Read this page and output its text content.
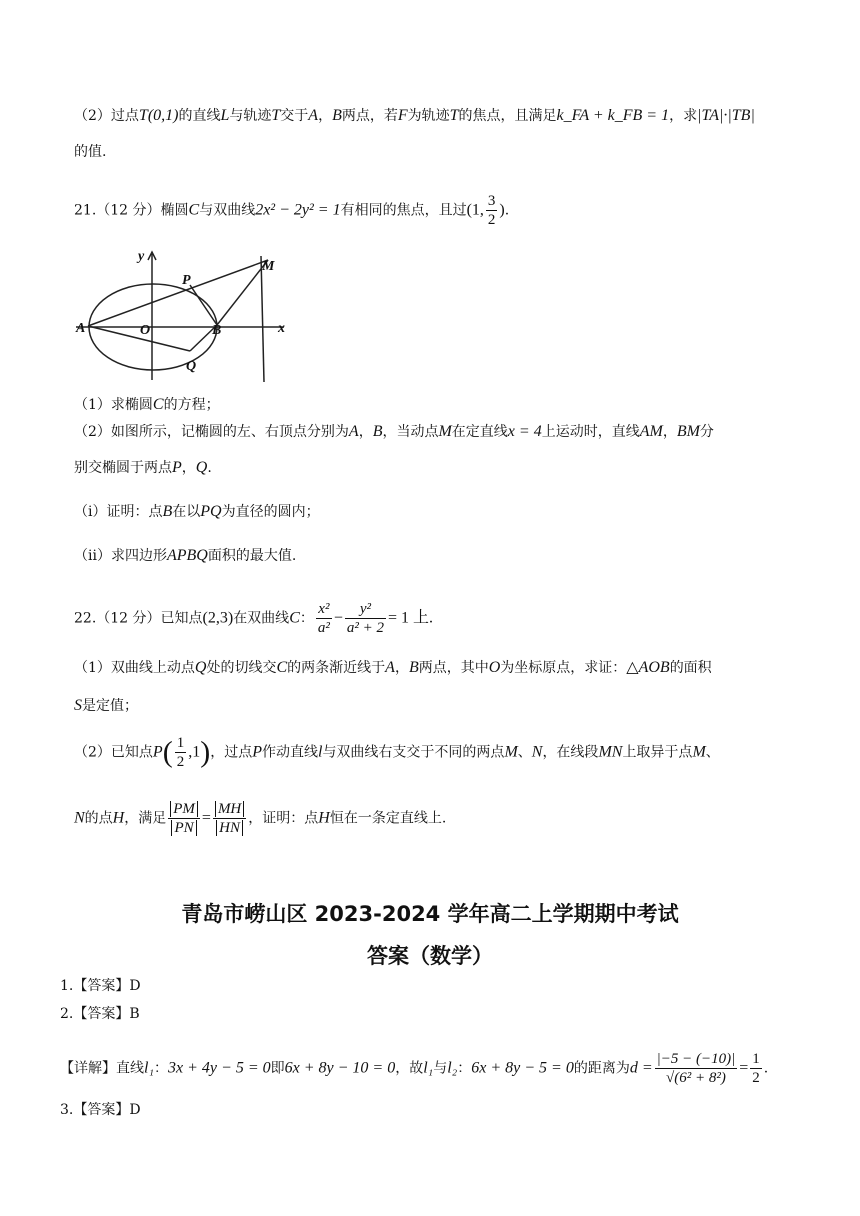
（2）过点T(0,1)的直线L与轨迹T交于A，B两点，若F为轨迹T的焦点，且满足k_FA + k_FB = 1，求|TA|·|TB|
的值.
21.（12 分）椭圆C与双曲线2x² − 2y² = 1有相同的焦点，且过(1, $\frac{3}{2}$ ).
y
x
A	O	B
P
Q
M
（1）求椭圆C的方程；
（2）如图所示，记椭圆的左、右顶点分别为A，B，当动点M在定直线x = 4上运动时，直线AM，BM分
别交椭圆于两点P，Q.
（i）证明：点B在以PQ为直径的圆内；
（ii）求四边形APBQ面积的最大值.
22.（12 分）已知点(2,3)在双曲线C： $\frac{\text{x²}}{\text{a²}} - \frac{\text{y²}}{\text{a² + 2}} = 1$ 上.
（1）双曲线上动点Q处的切线交C的两条渐近线于A，B两点，其中O为坐标原点，求证：△AOB的面积
S是定值；
（2）已知点$P( \frac{1}{2} ,1)$，过点P作动直线l与双曲线右支交于不同的两点M、N，在线段MN上取异于点M、
N的点H，满足 $\frac{PM}{PN} = \frac{MH}{HN}$ ，证明：点H恒在一条定直线上.
青岛市崂山区 2023-2024 学年高二上学期期中考试
答案（数学）
1.【答案】D
2.【答案】B
【详解】直线l₁：3x + 4y − 5 = 0即6x + 8y − 10 = 0，故l₁与l₂：6x + 8y − 5 = 0的距离为$d = \frac{|-5 - (-10)|}{\text{√(6² + 8²)}} = \frac{1}{2}$ .
3.【答案】D
